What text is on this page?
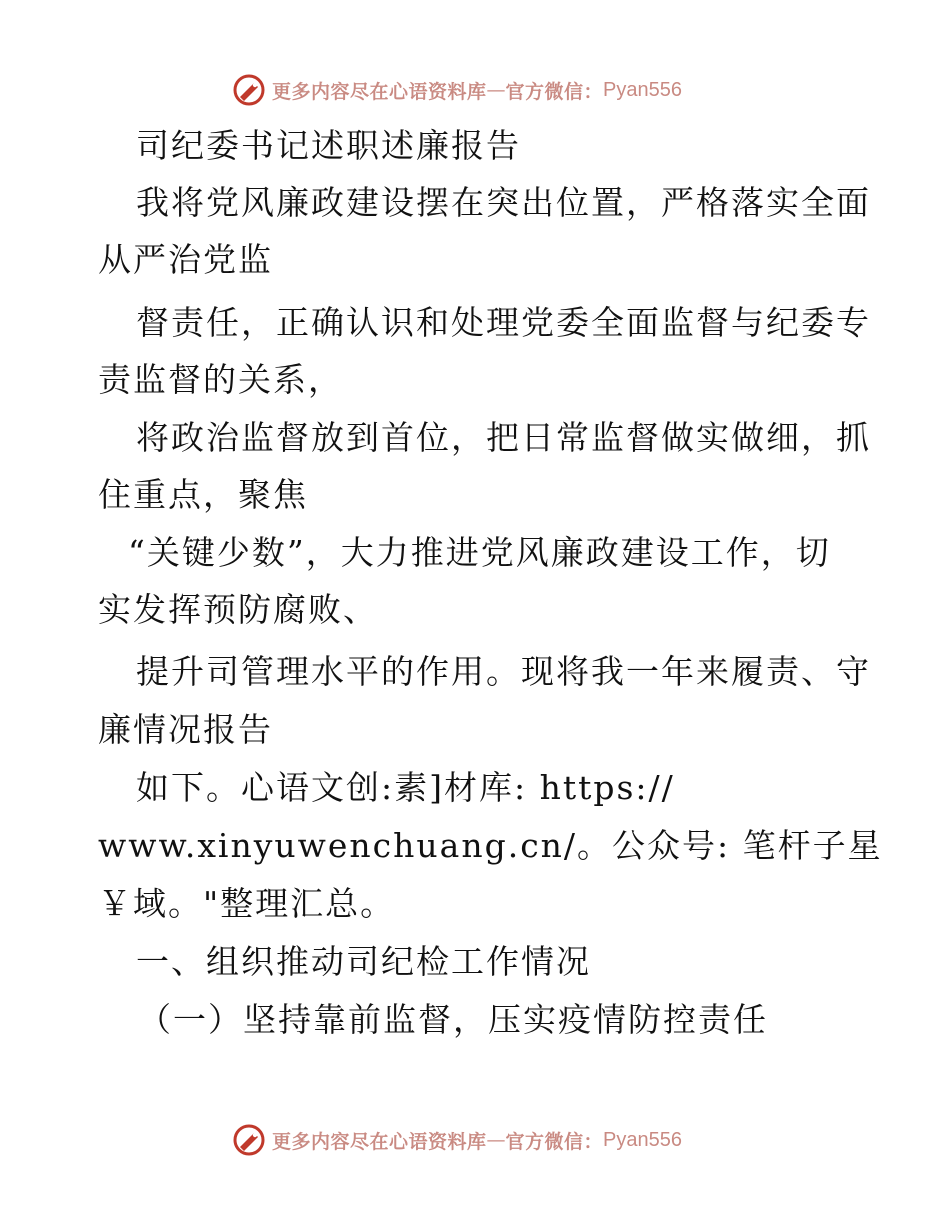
更多内容尽在心语资料库 — 官方微信： Pyan556
司纪委书记述职述廉报告
我将党风廉政建设摆在突出位置，严格落实全面
从严治党监
督责任，正确认识和处理党委全面监督与纪委专
责监督的关系，
将政治监督放到首位，把日常监督做实做细，抓
住重点，聚焦
“关键少数”，大力推进党风廉政建设工作，切
实发挥预防腐败、
提升司管理水平的作用。现将我一年来履责、守
廉情况报告
如下。心语文创:素]材库: https://
www.xinyuwenchuang.cn/。公众号: 笔杆子星
￥域。"整理汇总。
一、组织推动司纪检工作情况
（一）坚持靠前监督，压实疫情防控责任
更多内容尽在心语资料库 — 官方微信： Pyan556
